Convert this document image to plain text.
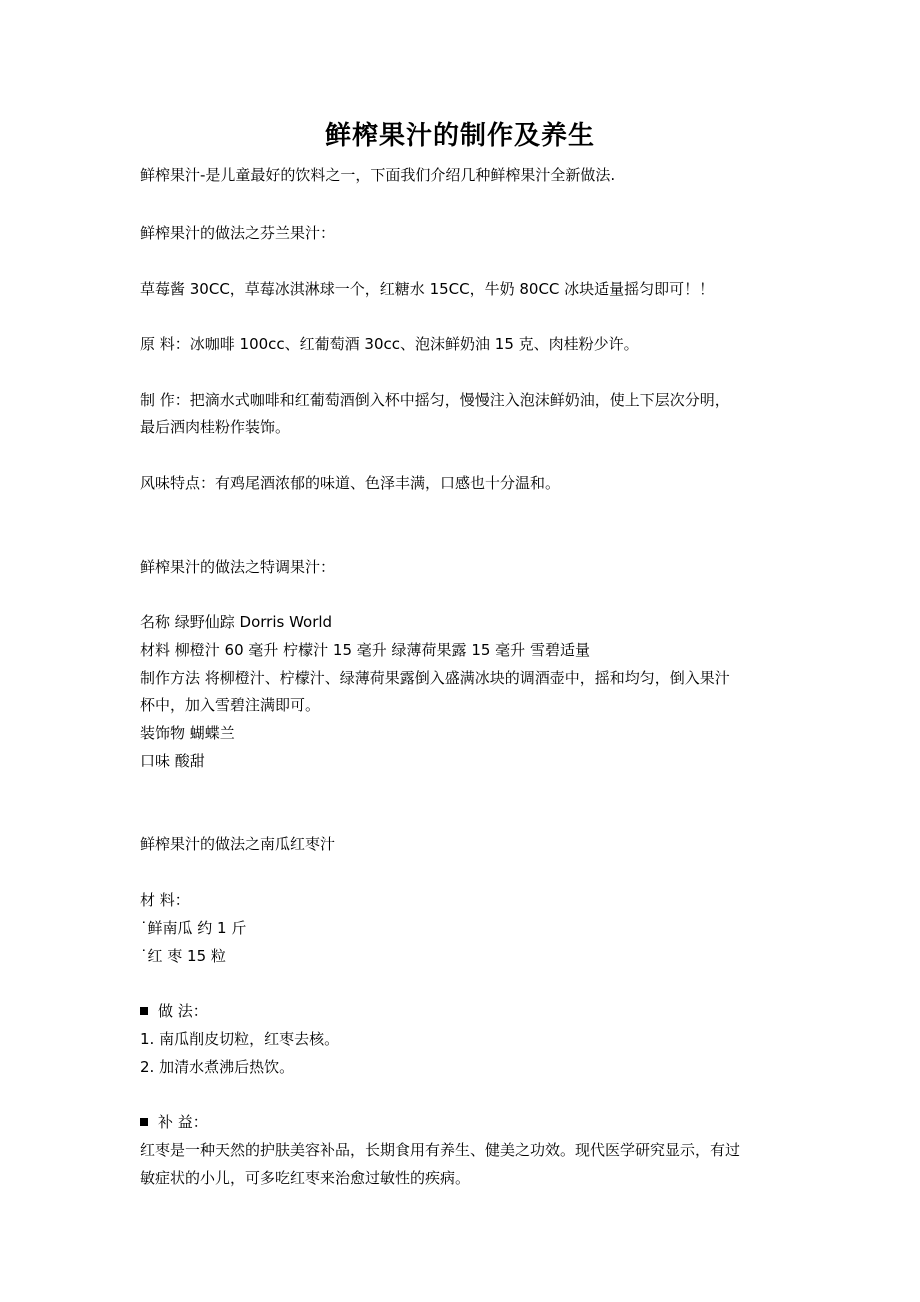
鲜榨果汁的制作及养生
鲜榨果汁-是儿童最好的饮料之一，下面我们介绍几种鲜榨果汁全新做法.
鲜榨果汁的做法之芬兰果汁：
草莓酱 30CC，草莓冰淇淋球一个，红糖水 15CC，牛奶 80CC 冰块适量摇匀即可！！
原 料：冰咖啡 100cc、红葡萄酒 30cc、泡沫鲜奶油 15 克、肉桂粉少许。
制 作：把滴水式咖啡和红葡萄酒倒入杯中摇匀，慢慢注入泡沫鲜奶油，使上下层次分明，
最后洒肉桂粉作装饰。
风味特点：有鸡尾酒浓郁的味道、色泽丰满，口感也十分温和。
鲜榨果汁的做法之特调果汁：
名称 绿野仙踪 Dorris World
材料 柳橙汁 60 毫升 柠檬汁 15 毫升 绿薄荷果露 15 毫升 雪碧适量
制作方法 将柳橙汁、柠檬汁、绿薄荷果露倒入盛满冰块的调酒壶中，摇和均匀，倒入果汁
杯中，加入雪碧注满即可。
装饰物 蝴蝶兰
口味 酸甜
鲜榨果汁的做法之南瓜红枣汁
材 料：
˙鲜南瓜 约 1 斤
˙红 枣 15 粒
做 法：
1. 南瓜削皮切粒，红枣去核。
2. 加清水煮沸后热饮。
补 益：
红枣是一种天然的护肤美容补品，长期食用有养生、健美之功效。现代医学研究显示，有过
敏症状的小儿，可多吃红枣来治愈过敏性的疾病。
